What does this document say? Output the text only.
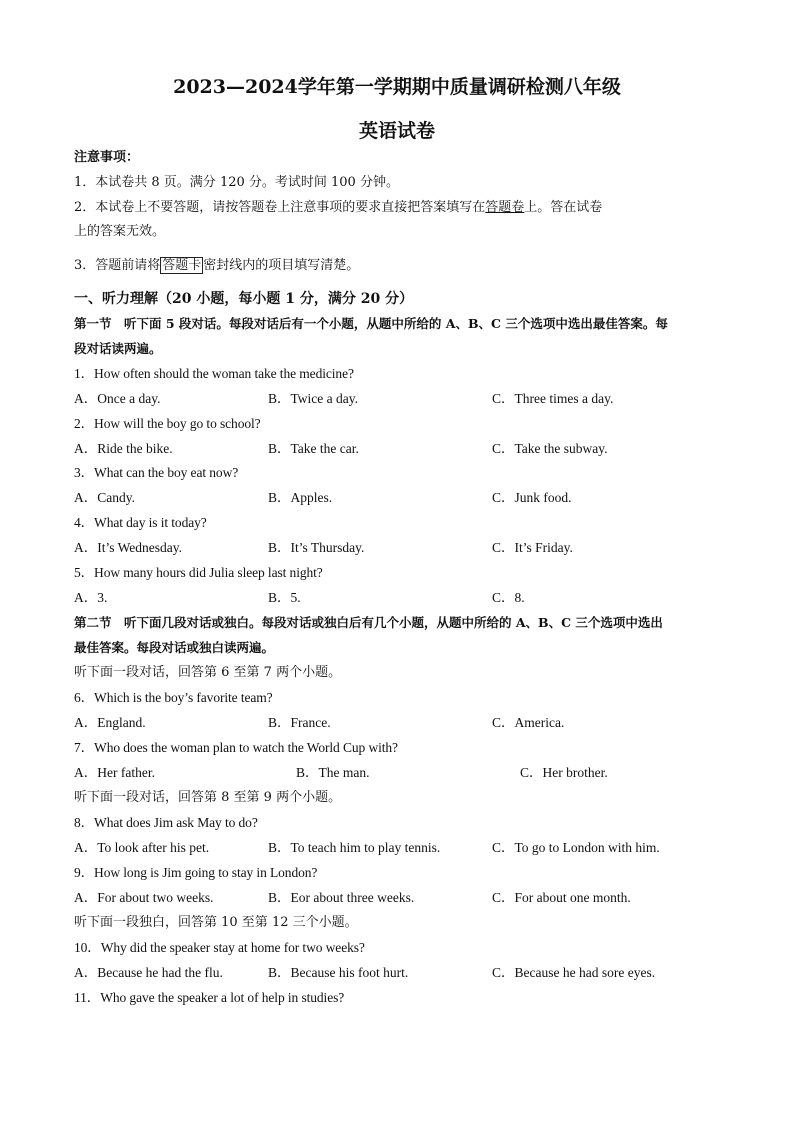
2023—2024学年第一学期期中质量调研检测八年级
英语试卷
注意事项：
1．本试卷共 8 页。满分 120 分。考试时间 100 分钟。
2．本试卷上不要答题，请按答题卷上注意事项的要求直接把答案填写在答题卷上。答在试卷
上的答案无效。
3．答题前请将 答题卡 密封线内的项目填写清楚。
一、听力理解（20 小题，每小题 1 分，满分 20 分）
第一节　听下面 5 段对话。每段对话后有一个小题，从题中所给的 A、B、C 三个选项中选出最佳答案。每
段对话读两遍。
1．How often should the woman take the medicine?
A．Once a day.	B．Twice a day.	C．Three times a day.
2．How will the boy go to school?
A．Ride the bike.	B．Take the car.	C．Take the subway.
3．What can the boy eat now?
A．Candy.	B．Apples.	C．Junk food.
4．What day is it today?
A．It’s Wednesday.	B．It’s Thursday.	C．It’s Friday.
5．How many hours did Julia sleep last night?
A．3.	B．5.	C．8.
第二节　听下面几段对话或独白。每段对话或独白后有几个小题，从题中所给的 A、B、C 三个选项中选出
最佳答案。每段对话或独白读两遍。
听下面一段对话，回答第 6 至第 7 两个小题。
6．Which is the boy’s favorite team?
A．England.	B．France.	C．America.
7．Who does the woman plan to watch the World Cup with?
A．Her father.	B．The man.	C．Her brother.
听下面一段对话，回答第 8 至第 9 两个小题。
8．What does Jim ask May to do?
A．To look after his pet.	B．To teach him to play tennis.	C．To go to London with him.
9．How long is Jim going to stay in London?
A．For about two weeks.	B．Eor about three weeks.	C．For about one month.
听下面一段独白，回答第 10 至第 12 三个小题。
10．Why did the speaker stay at home for two weeks?
A．Because he had the flu.	B．Because his foot hurt.	C．Because he had sore eyes.
11．Who gave the speaker a lot of help in studies?
